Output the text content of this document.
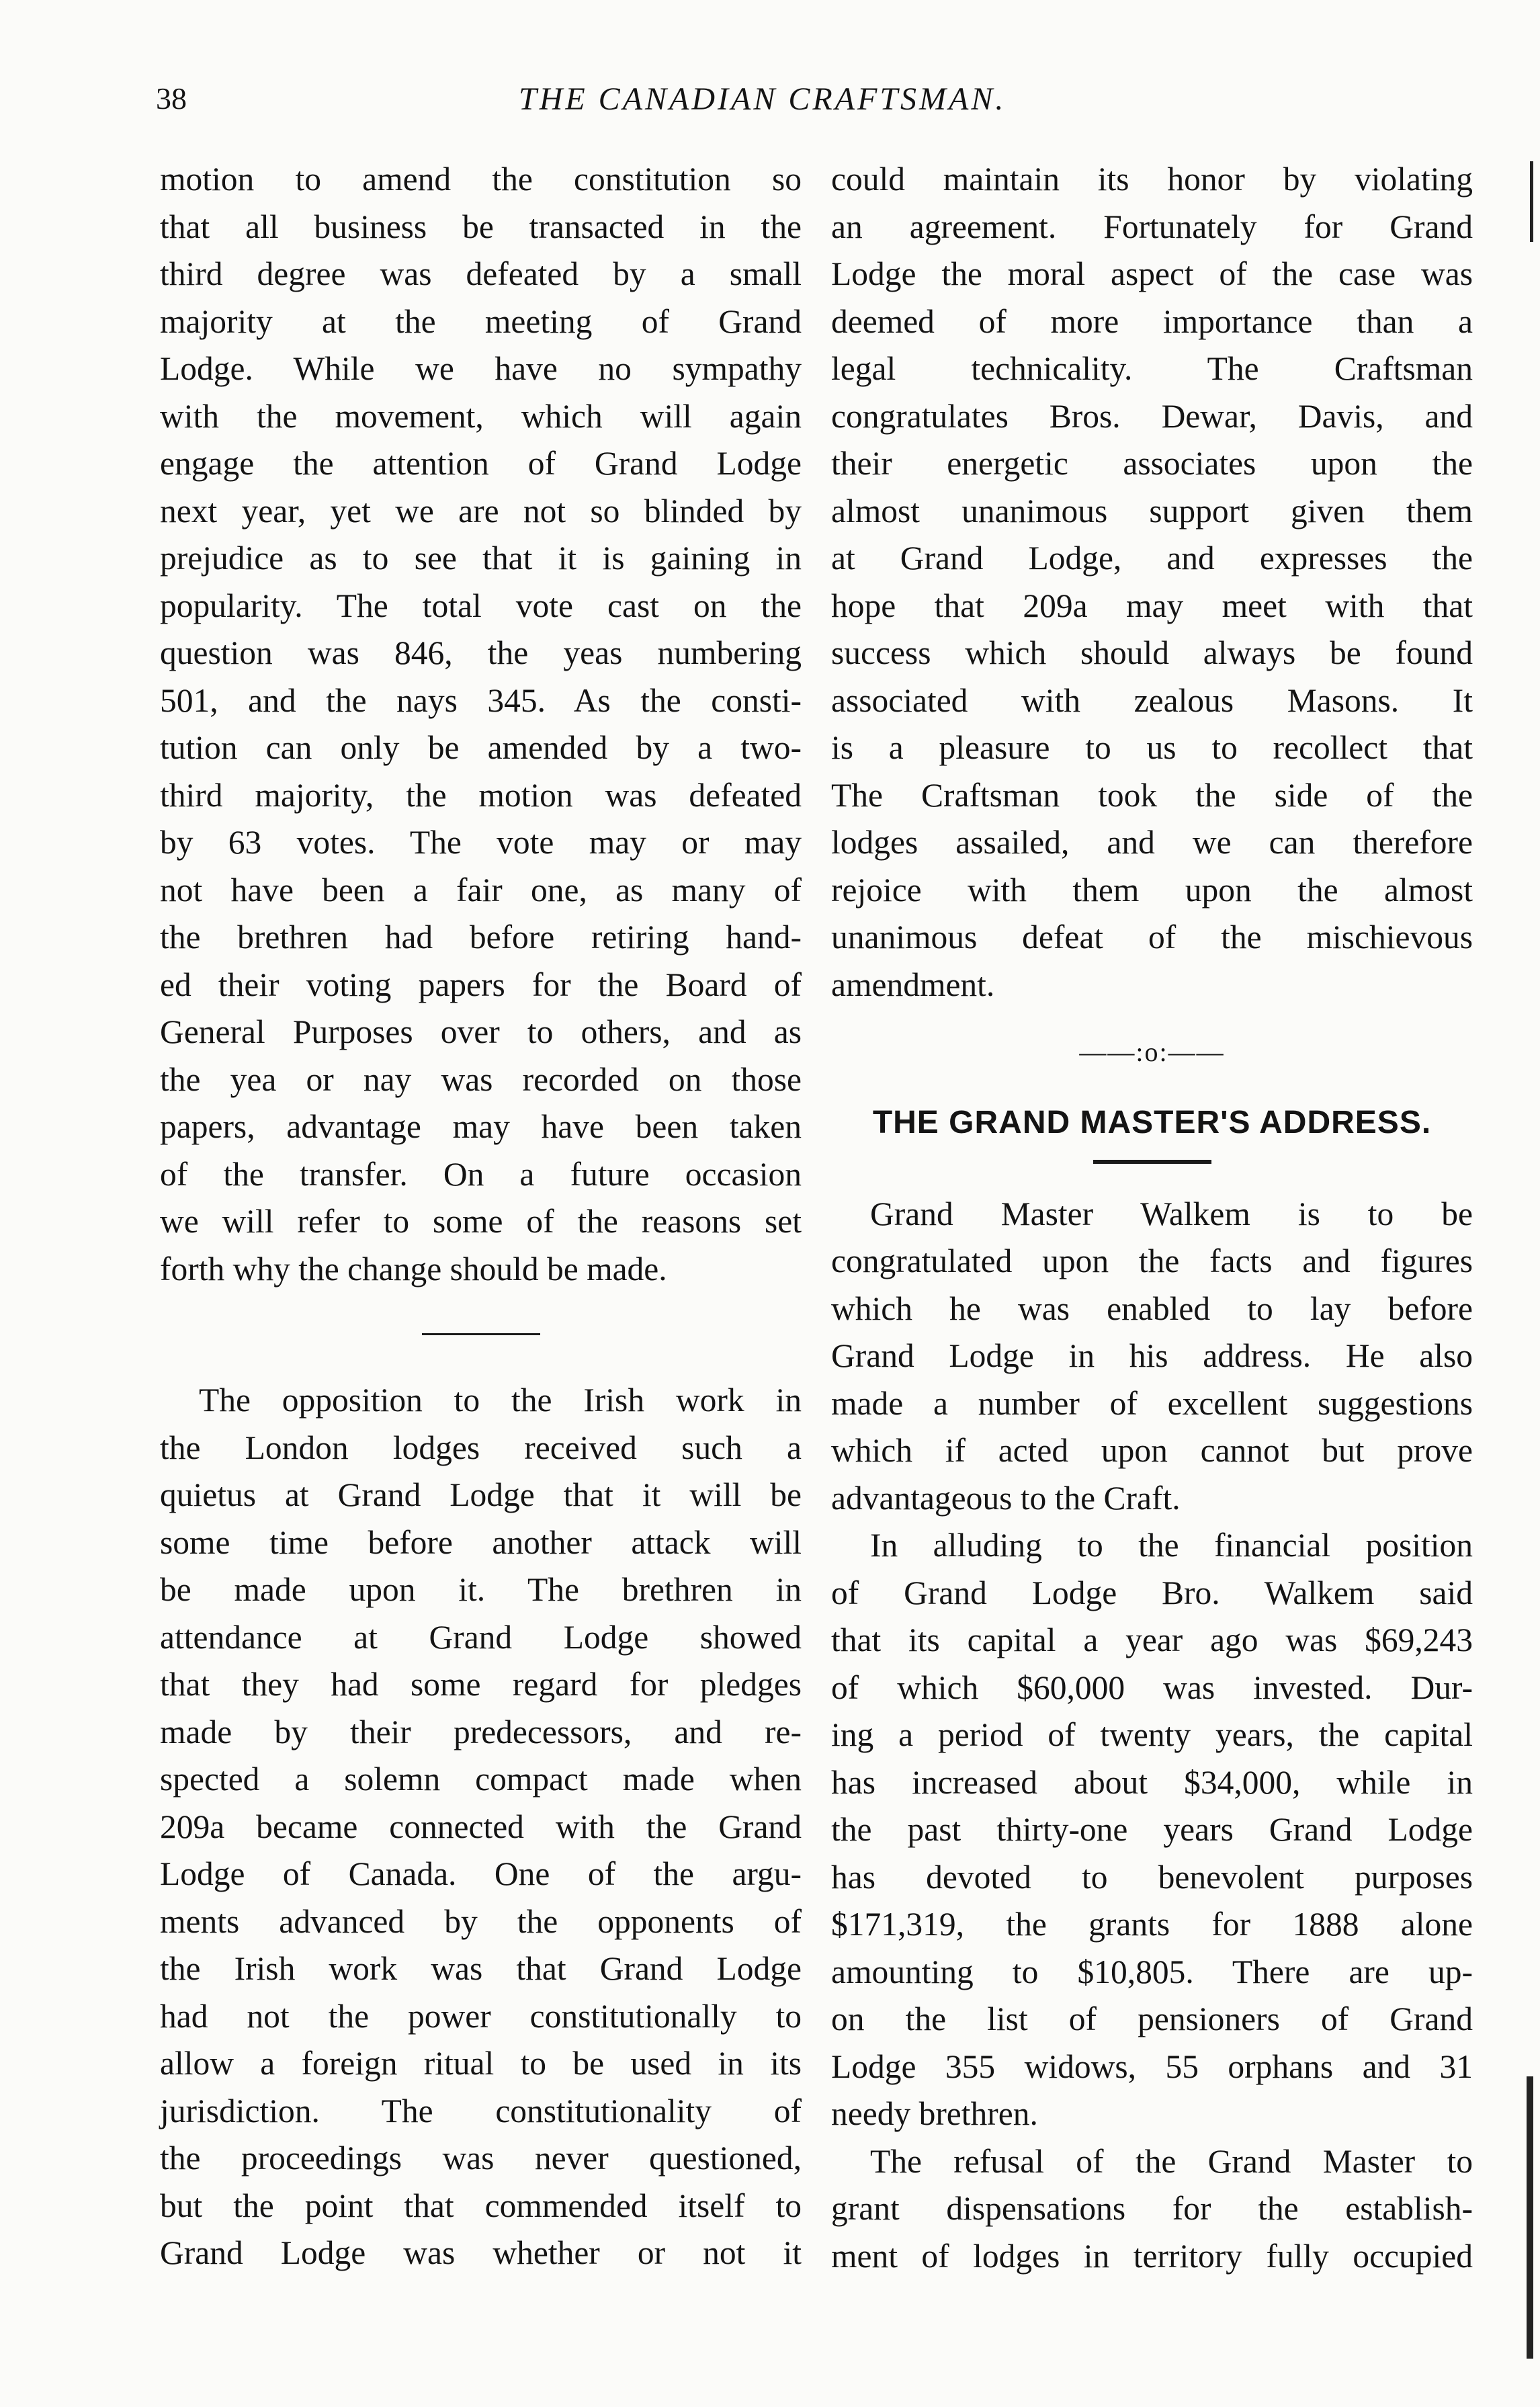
38	THE CANADIAN CRAFTSMAN.
motion to amend the constitution so
that all business be transacted in the
third degree was defeated by a small
majority at the meeting of Grand
Lodge. While we have no sympathy
with the movement, which will again
engage the attention of Grand Lodge
next year, yet we are not so blinded by
prejudice as to see that it is gaining in
popularity. The total vote cast on the
question was 846, the yeas numbering
501, and the nays 345. As the consti-
tution can only be amended by a two-
third majority, the motion was defeated
by 63 votes. The vote may or may
not have been a fair one, as many of
the brethren had before retiring hand-
ed their voting papers for the Board of
General Purposes over to others, and as
the yea or nay was recorded on those
papers, advantage may have been taken
of the transfer. On a future occasion
we will refer to some of the reasons set
forth why the change should be made.
The opposition to the Irish work in
the London lodges received such a
quietus at Grand Lodge that it will be
some time before another attack will
be made upon it. The brethren in
attendance at Grand Lodge showed
that they had some regard for pledges
made by their predecessors, and re-
spected a solemn compact made when
209a became connected with the Grand
Lodge of Canada. One of the argu-
ments advanced by the opponents of
the Irish work was that Grand Lodge
had not the power constitutionally to
allow a foreign ritual to be used in its
jurisdiction. The constitutionality of
the proceedings was never questioned,
but the point that commended itself to
Grand Lodge was whether or not it
could maintain its honor by violating
an agreement. Fortunately for Grand
Lodge the moral aspect of the case was
deemed of more importance than a
legal technicality. The Craftsman
congratulates Bros. Dewar, Davis, and
their energetic associates upon the
almost unanimous support given them
at Grand Lodge, and expresses the
hope that 209a may meet with that
success which should always be found
associated with zealous Masons. It
is a pleasure to us to recollect that
The Craftsman took the side of the
lodges assailed, and we can therefore
rejoice with them upon the almost
unanimous defeat of the mischievous
amendment.
——:o:——
THE GRAND MASTER'S ADDRESS.
Grand Master Walkem is to be
congratulated upon the facts and figures
which he was enabled to lay before
Grand Lodge in his address. He also
made a number of excellent suggestions
which if acted upon cannot but prove
advantageous to the Craft.
In alluding to the financial position
of Grand Lodge Bro. Walkem said
that its capital a year ago was $69,243
of which $60,000 was invested. Dur-
ing a period of twenty years, the capital
has increased about $34,000, while in
the past thirty-one years Grand Lodge
has devoted to benevolent purposes
$171,319, the grants for 1888 alone
amounting to $10,805. There are up-
on the list of pensioners of Grand
Lodge 355 widows, 55 orphans and 31
needy brethren.
The refusal of the Grand Master to
grant dispensations for the establish-
ment of lodges in territory fully occupied
